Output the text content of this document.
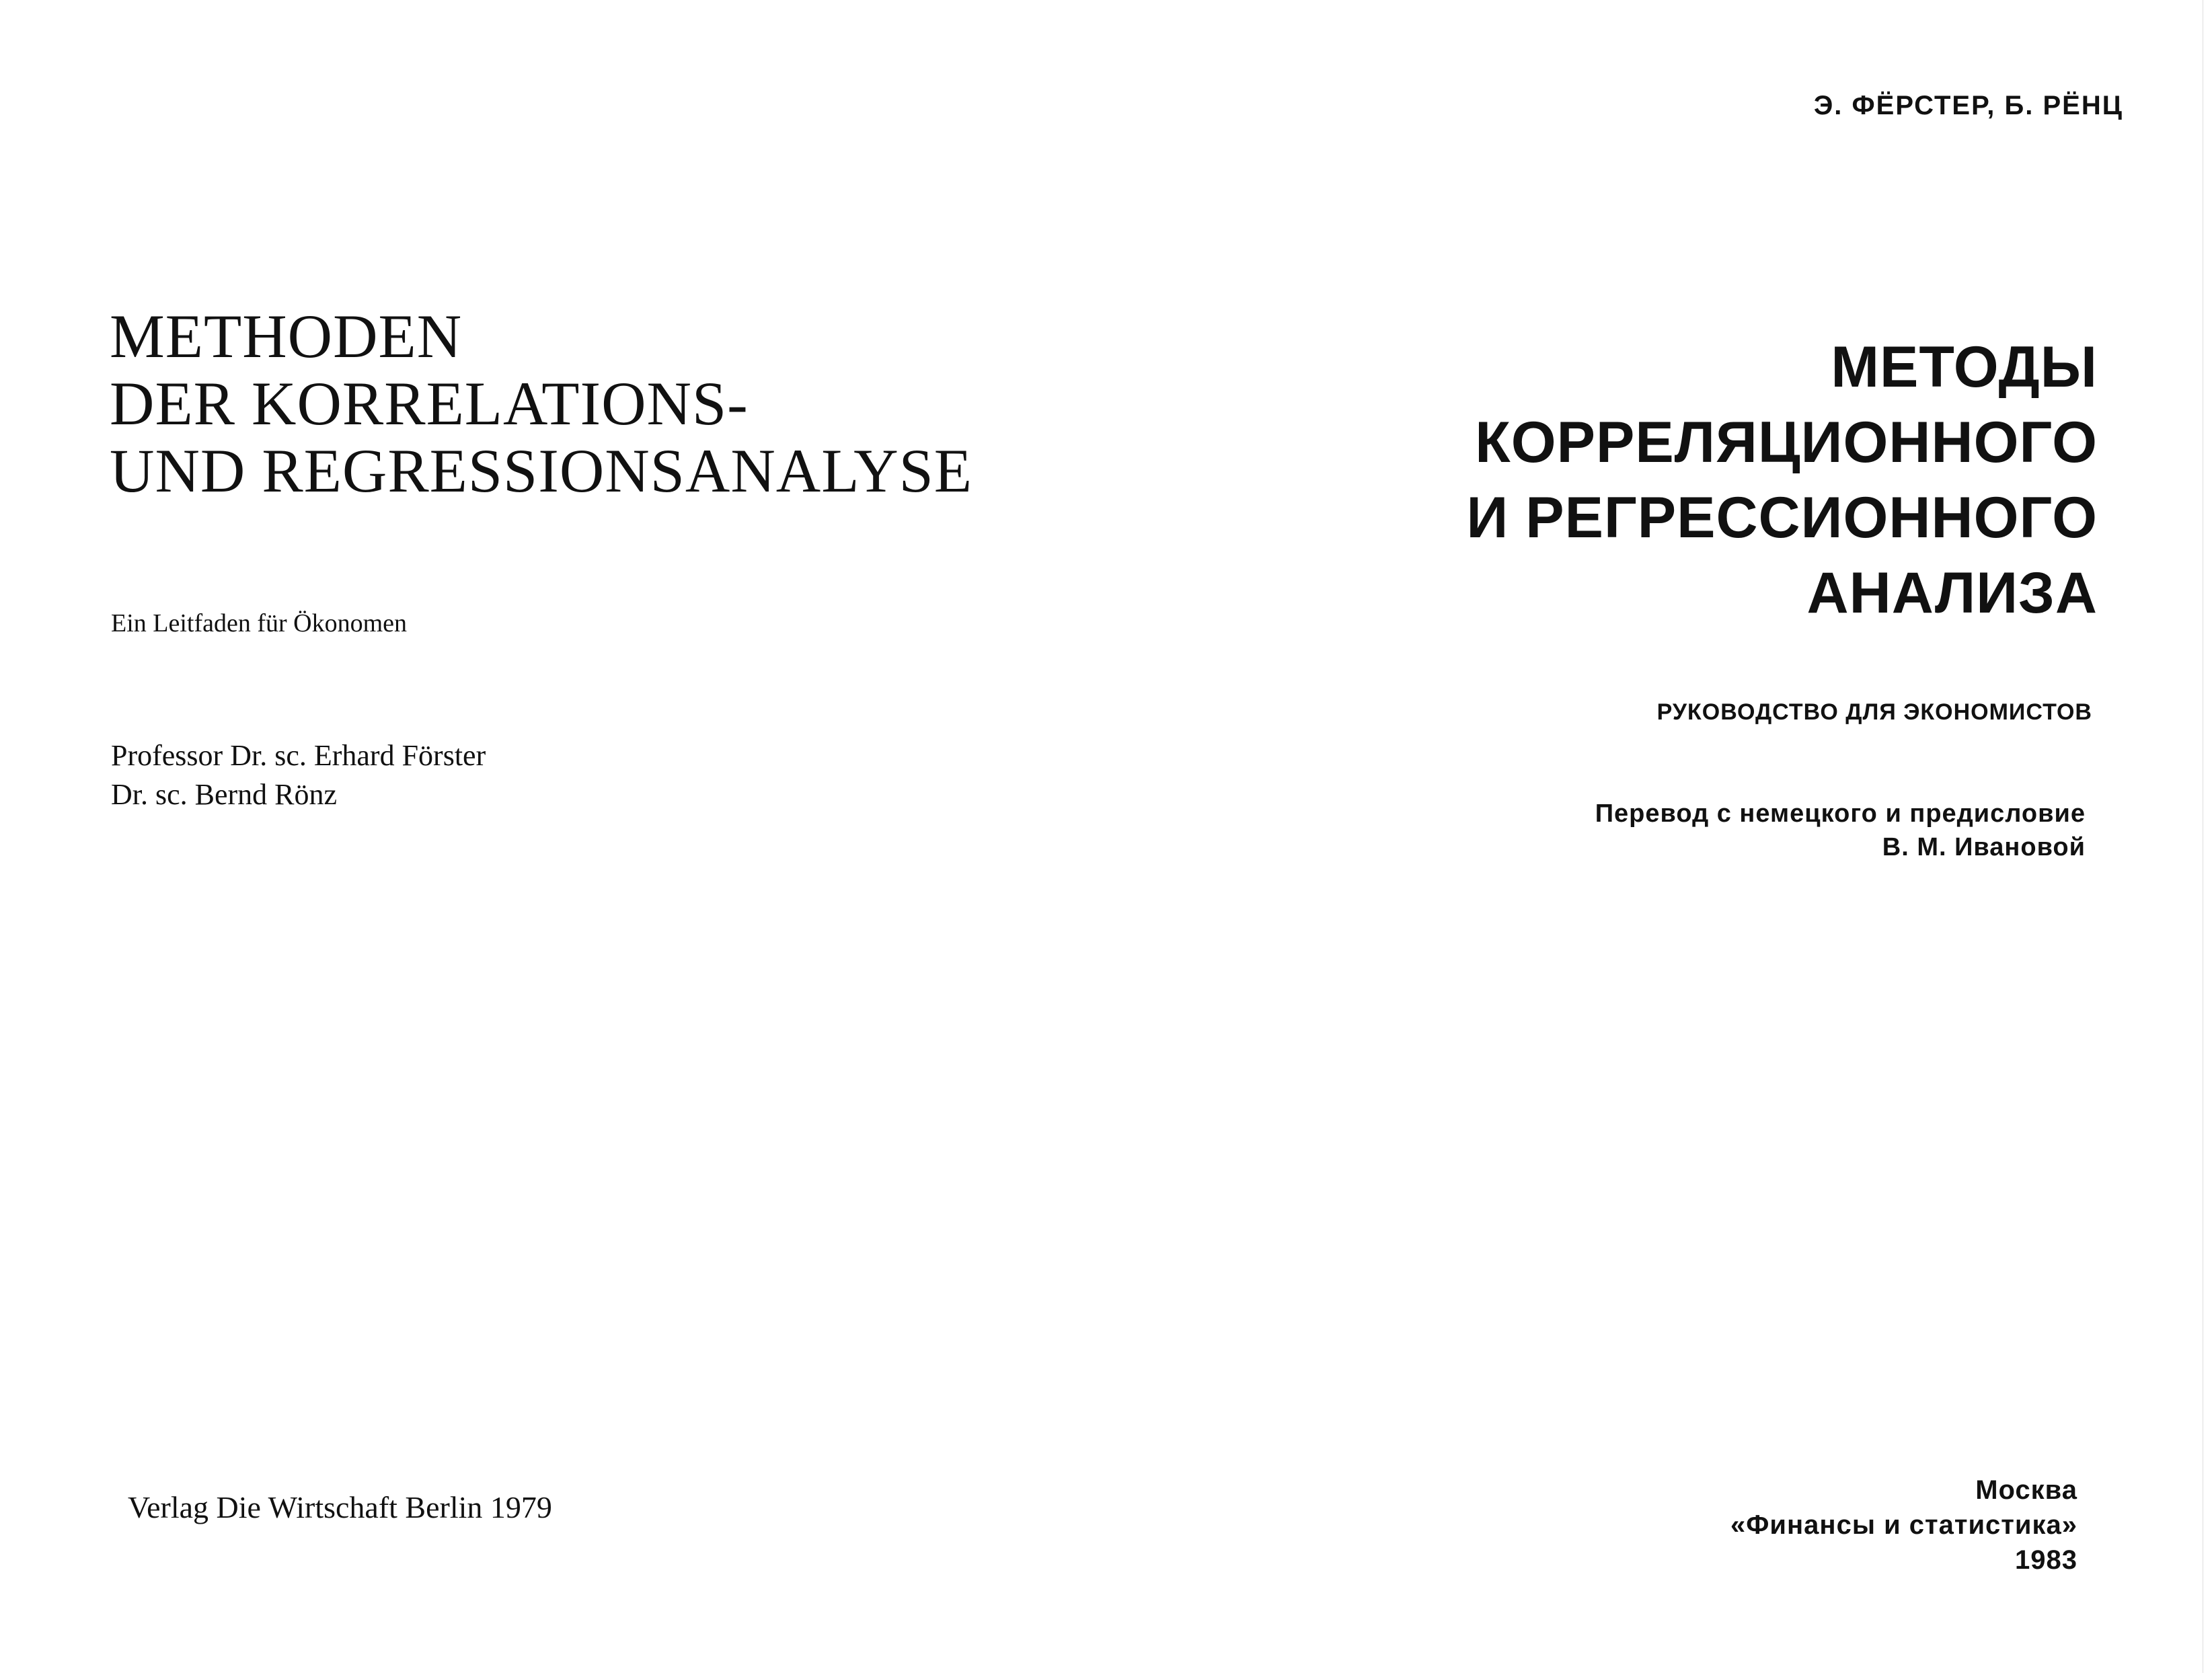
METHODEN
DER KORRELATIONS-
UND REGRESSIONSANALYSE
Ein Leitfaden für Ökonomen
Professor Dr. sc. Erhard Förster
Dr. sc. Bernd Rönz
Verlag Die Wirtschaft Berlin 1979
Э. ФЁРСТЕР, Б. РЁНЦ
МЕТОДЫ
КОРРЕЛЯЦИОННОГО
И РЕГРЕССИОННОГО
АНАЛИЗА
РУКОВОДСТВО ДЛЯ ЭКОНОМИСТОВ
Перевод с немецкого и предисловие
В. М. Ивановой
Москва
«Финансы и статистика»
1983
